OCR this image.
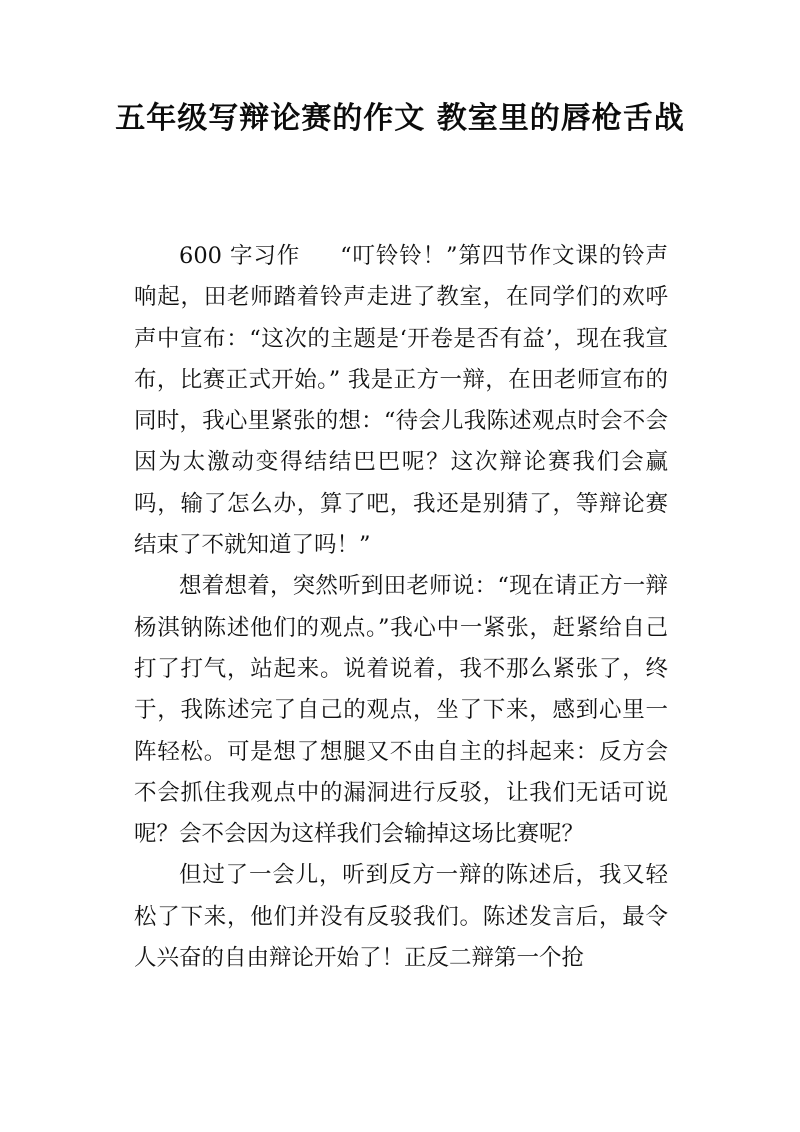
五年级写辩论赛的作文 教室里的唇枪舌战

600 字习作 “叮铃铃！”第四节作文课的铃声响起，田老师踏着铃声走进了教室，在同学们的欢呼声中宣布：“这次的主题是‘开卷是否有益’，现在我宣布，比赛正式开始。” 我是正方一辩，在田老师宣布的同时，我心里紧张的想：“待会儿我陈述观点时会不会因为太激动变得结结巴巴呢？这次辩论赛我们会赢吗，输了怎么办，算了吧，我还是别猜了，等辩论赛结束了不就知道了吗！”

想着想着，突然听到田老师说：“现在请正方一辩杨淇钠陈述他们的观点。”我心中一紧张，赶紧给自己打了打气，站起来。说着说着，我不那么紧张了，终于，我陈述完了自己的观点，坐了下来，感到心里一阵轻松。可是想了想腿又不由自主的抖起来：反方会不会抓住我观点中的漏洞进行反驳，让我们无话可说呢？会不会因为这样我们会输掉这场比赛呢？

但过了一会儿，听到反方一辩的陈述后，我又轻松了下来，他们并没有反驳我们。陈述发言后，最令人兴奋的自由辩论开始了！正反二辩第一个抢
